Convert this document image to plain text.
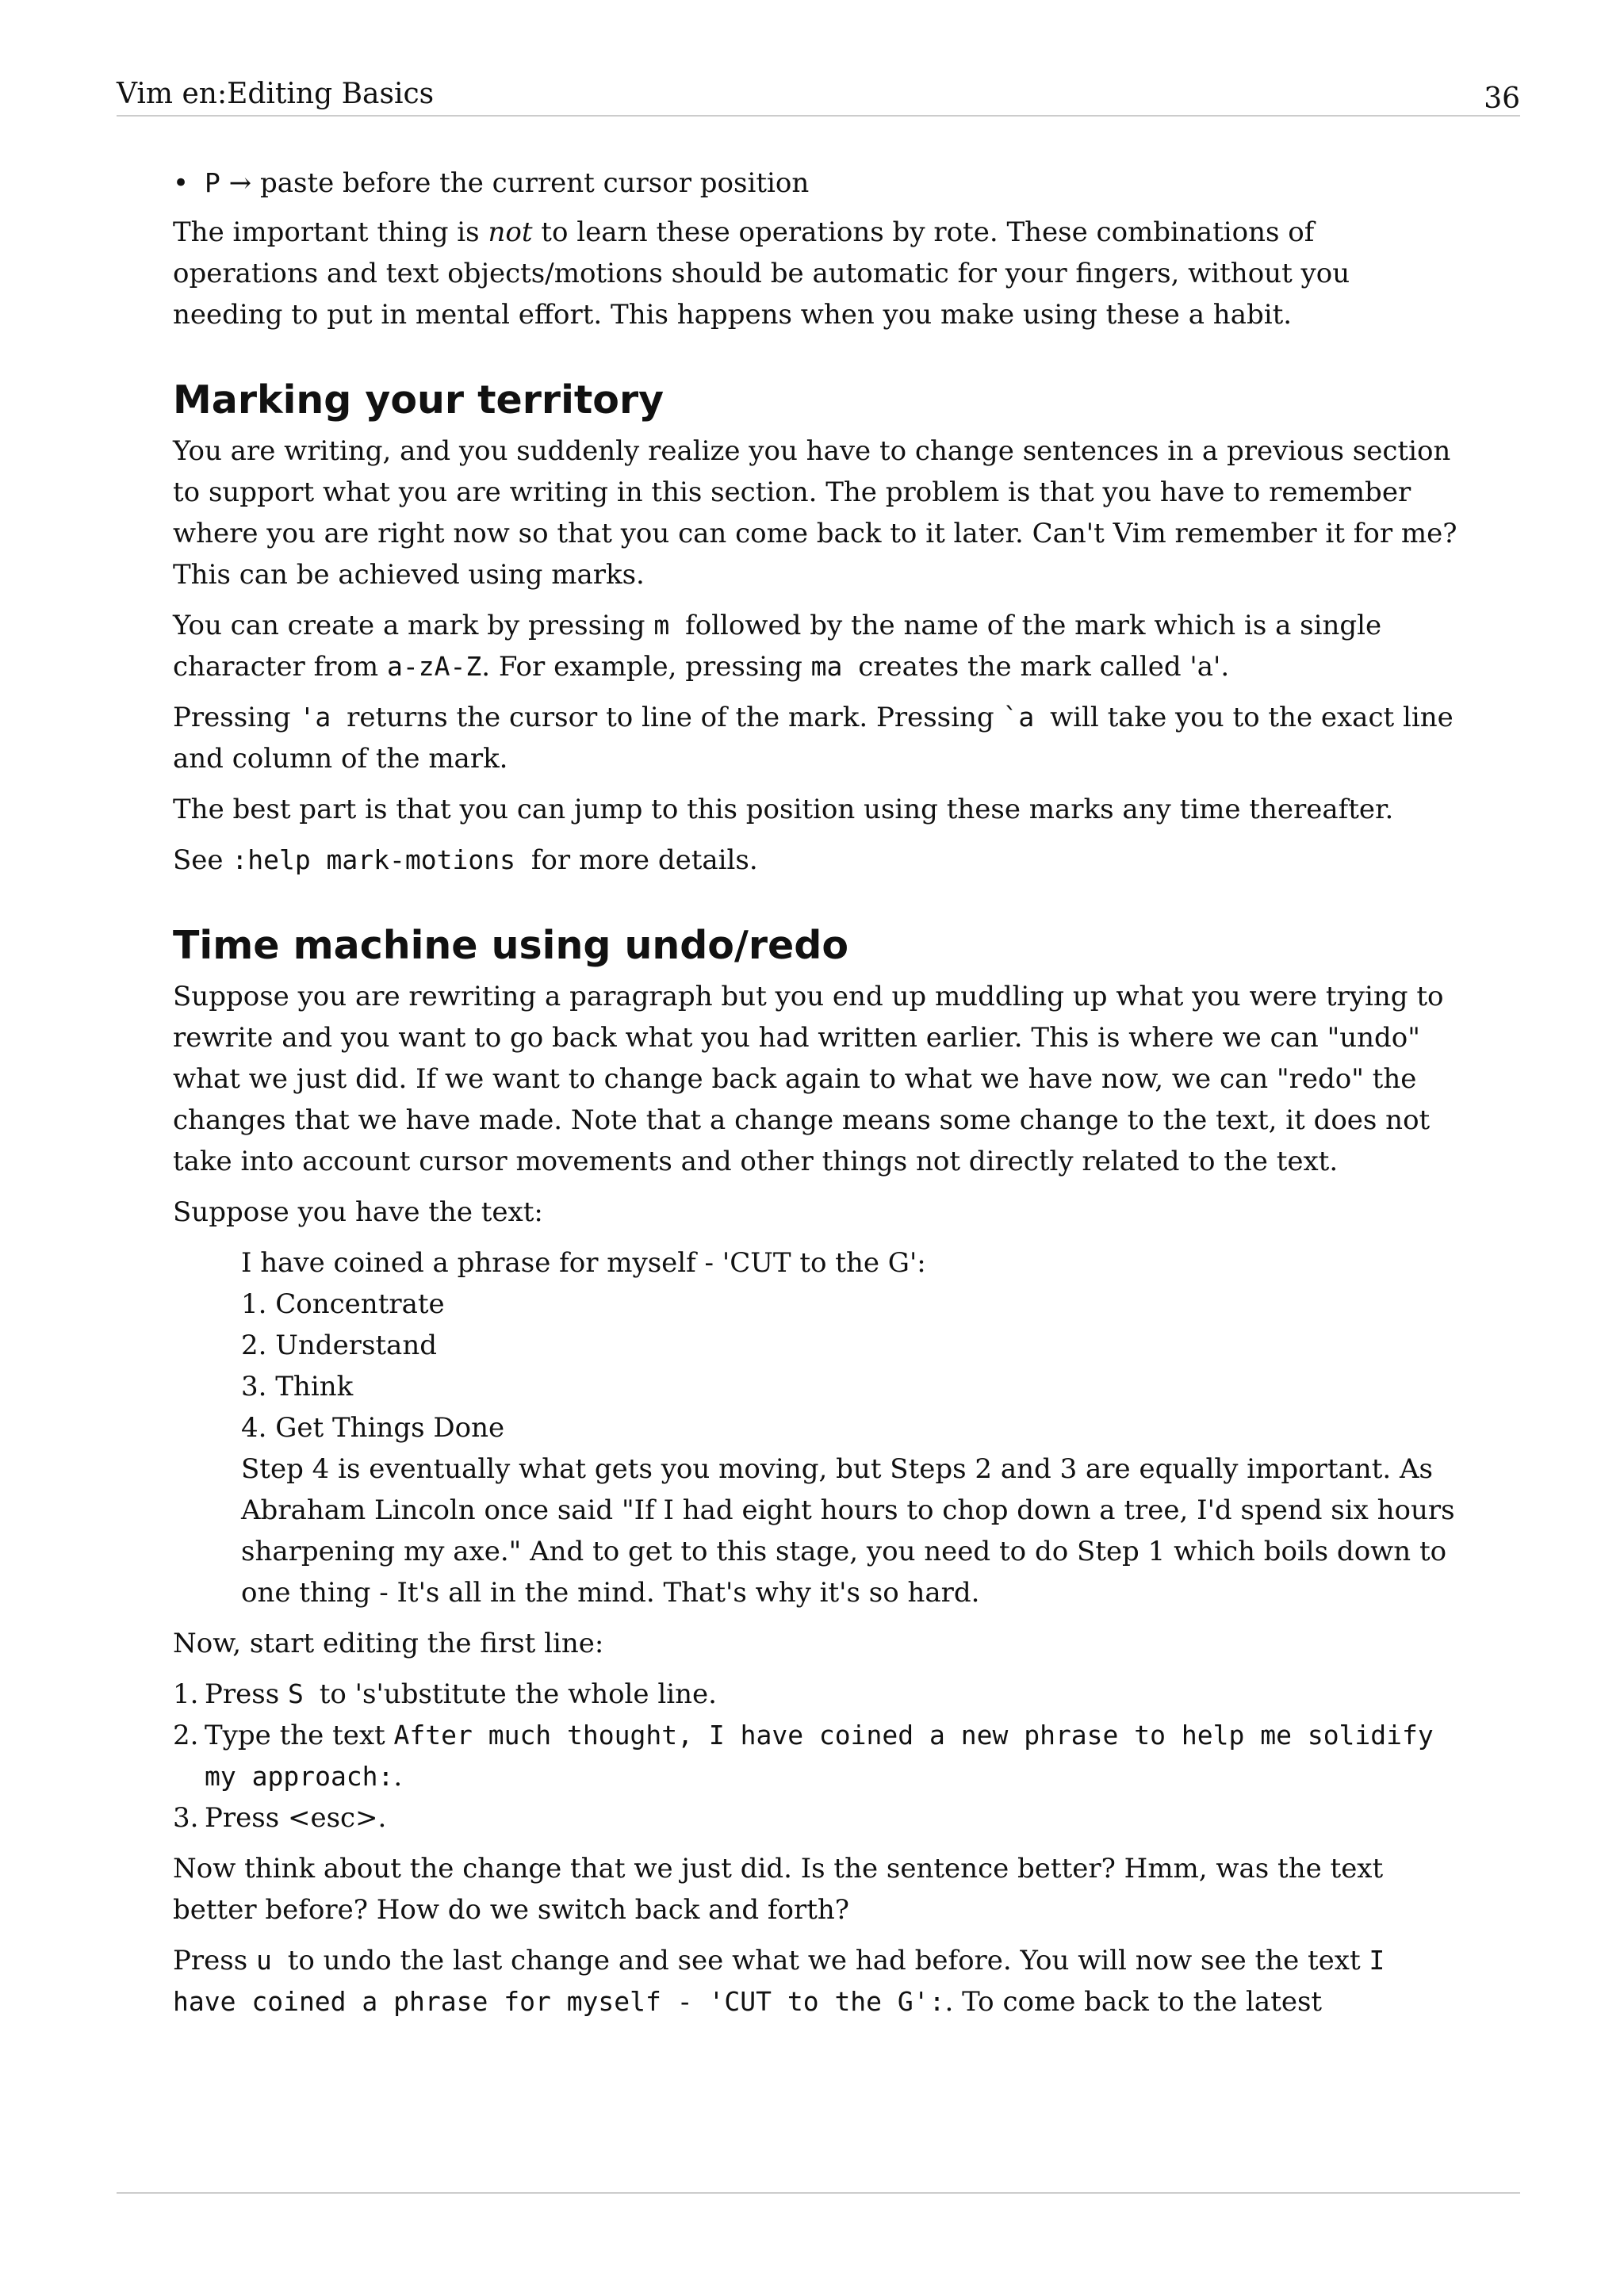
Vim en:Editing Basics	36

• P → paste before the current cursor position

The important thing is not to learn these operations by rote. These combinations of operations and text objects/motions should be automatic for your fingers, without you needing to put in mental effort. This happens when you make using these a habit.

Marking your territory

You are writing, and you suddenly realize you have to change sentences in a previous section to support what you are writing in this section. The problem is that you have to remember where you are right now so that you can come back to it later. Can't Vim remember it for me? This can be achieved using marks.

You can create a mark by pressing m followed by the name of the mark which is a single character from a-zA-Z. For example, pressing ma creates the mark called 'a'.

Pressing 'a returns the cursor to line of the mark. Pressing `a will take you to the exact line and column of the mark.

The best part is that you can jump to this position using these marks any time thereafter.

See :help mark-motions for more details.

Time machine using undo/redo

Suppose you are rewriting a paragraph but you end up muddling up what you were trying to rewrite and you want to go back what you had written earlier. This is where we can "undo" what we just did. If we want to change back again to what we have now, we can "redo" the changes that we have made. Note that a change means some change to the text, it does not take into account cursor movements and other things not directly related to the text.

Suppose you have the text:

I have coined a phrase for myself - 'CUT to the G':
1. Concentrate
2. Understand
3. Think
4. Get Things Done
Step 4 is eventually what gets you moving, but Steps 2 and 3 are equally important. As Abraham Lincoln once said "If I had eight hours to chop down a tree, I'd spend six hours sharpening my axe." And to get to this stage, you need to do Step 1 which boils down to one thing - It's all in the mind. That's why it's so hard.

Now, start editing the first line:

1. Press S to 's'ubstitute the whole line.
2. Type the text After much thought, I have coined a new phrase to help me solidify my approach:.
3. Press <esc>.

Now think about the change that we just did. Is the sentence better? Hmm, was the text better before? How do we switch back and forth?

Press u to undo the last change and see what we had before. You will now see the text I have coined a phrase for myself - 'CUT to the G':. To come back to the latest
